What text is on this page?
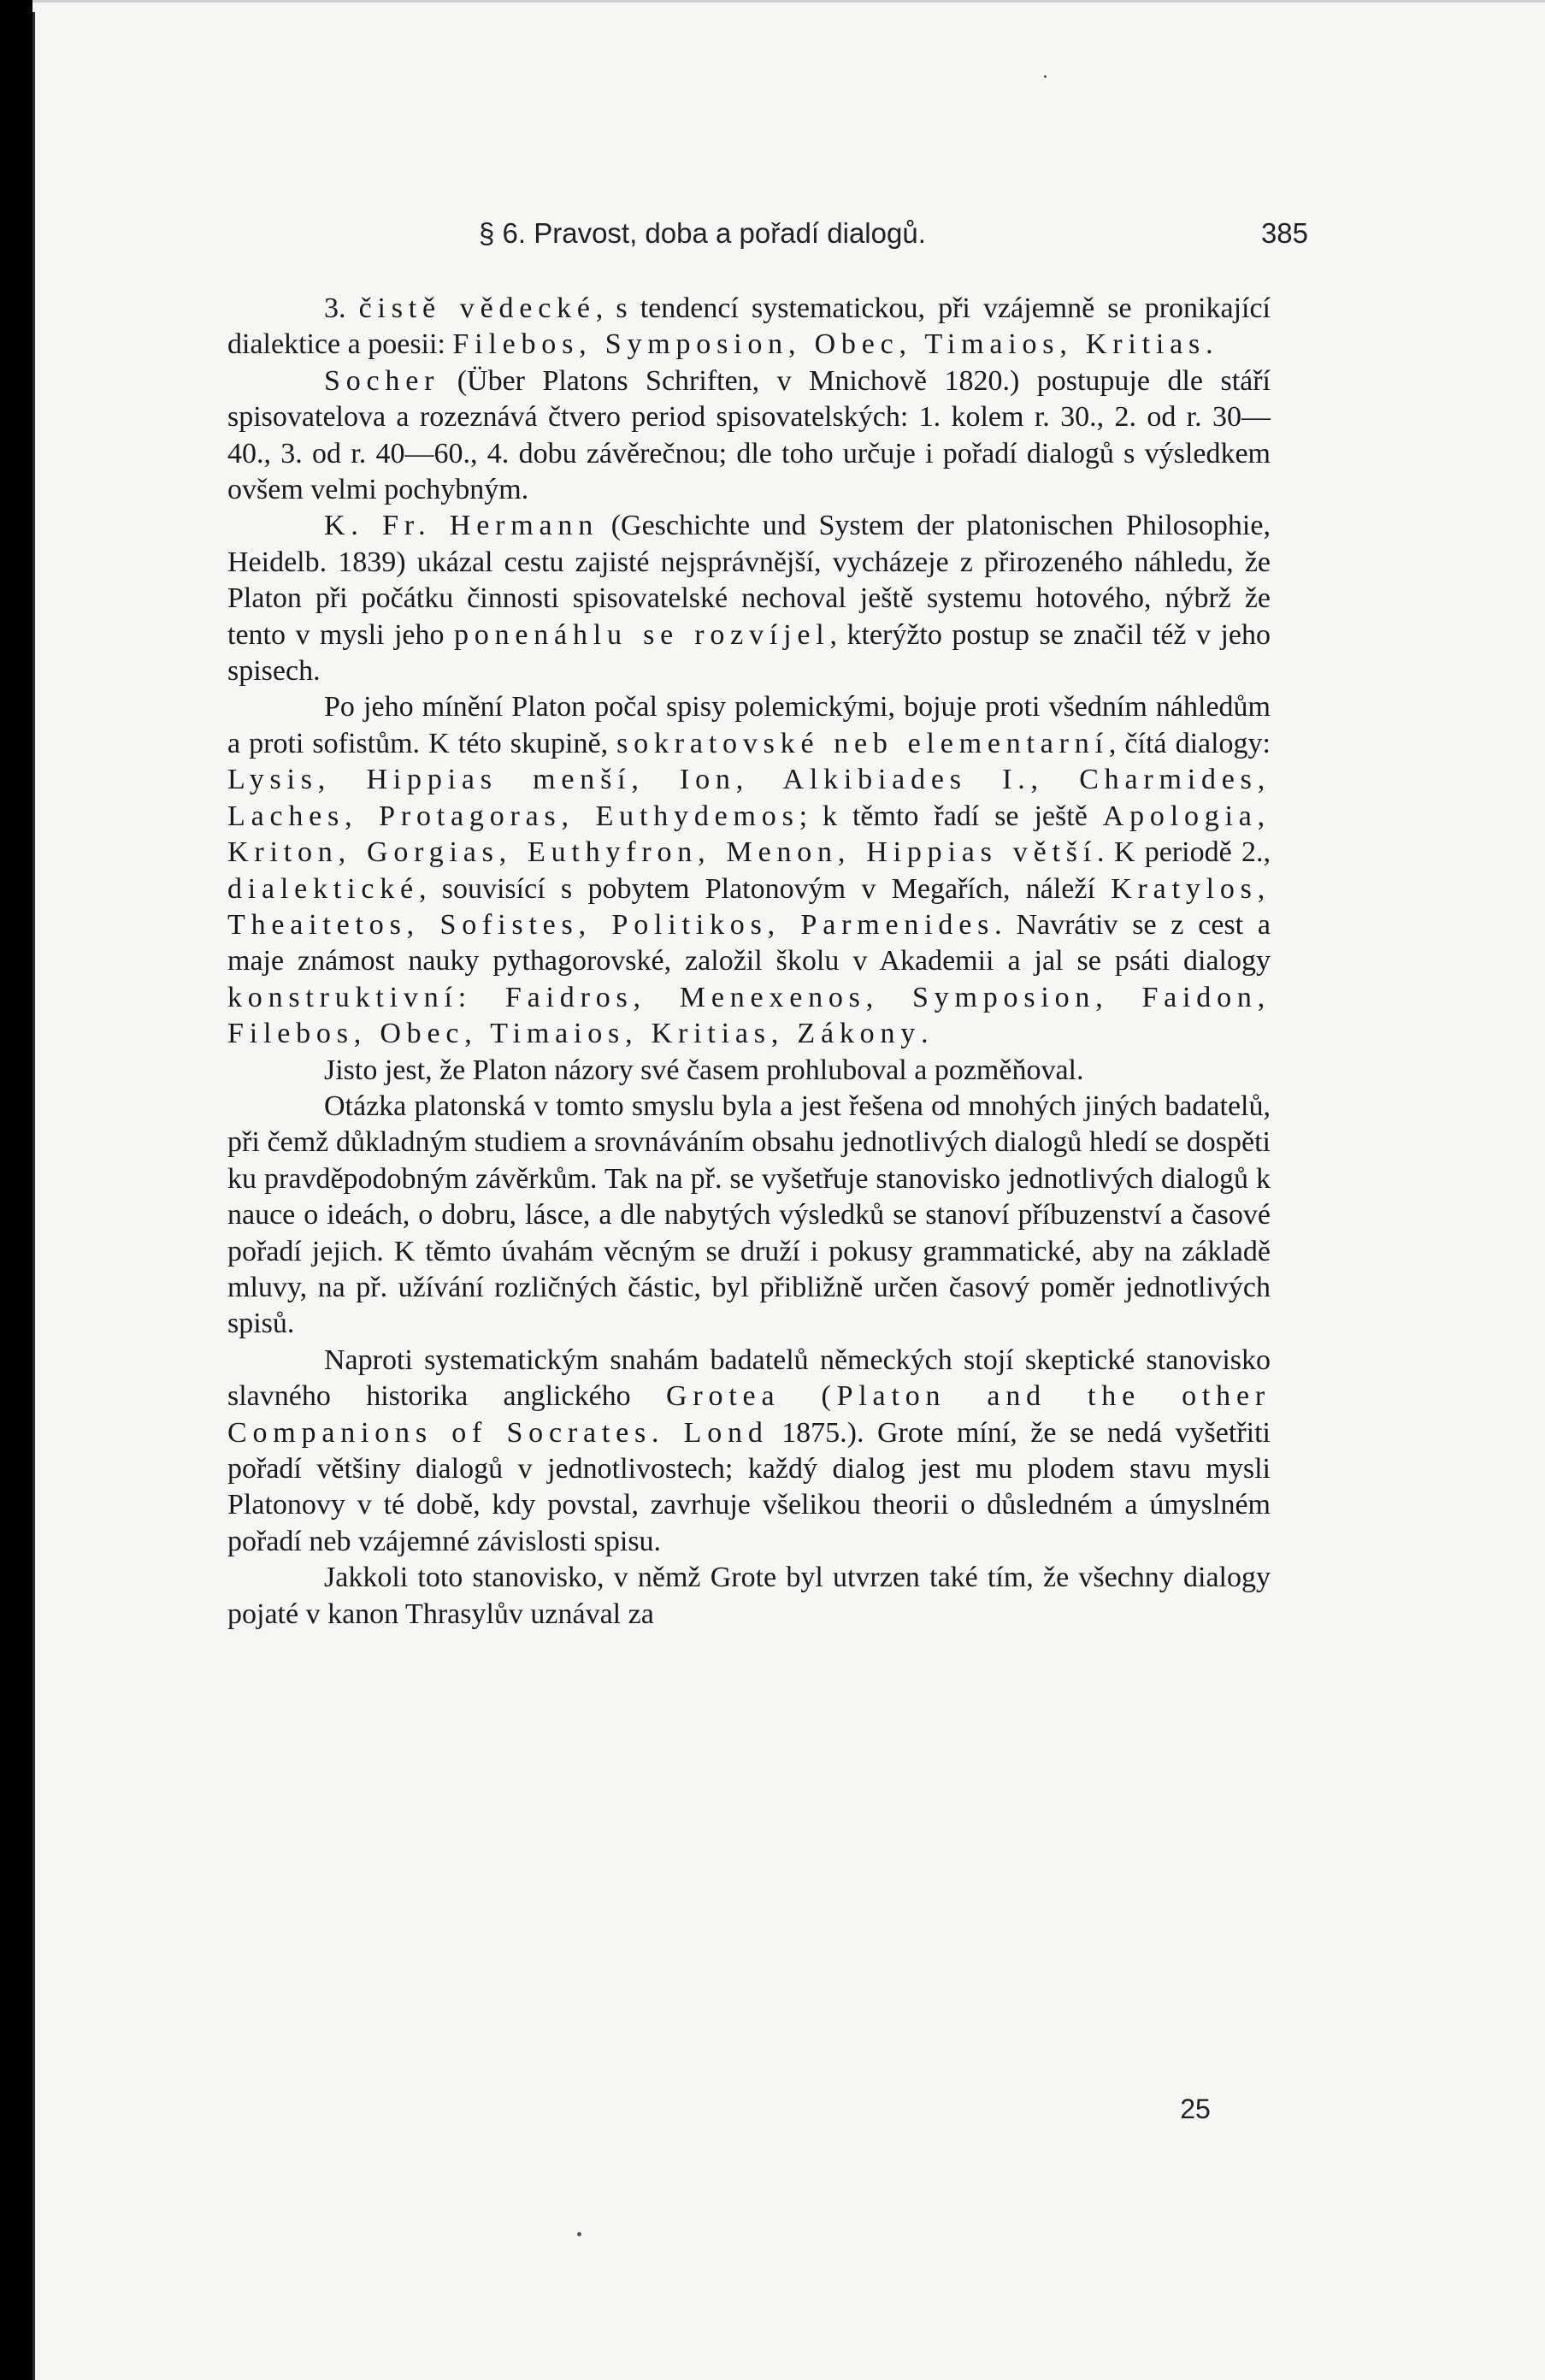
§ 6. Pravost, doba a pořadí dialogů.	385

3. čistě vědecké, s tendencí systematickou, při vzájemně se pronikající dialektice a poesii: Filebos, Symposion, Obec, Timaios, Kritias.

Socher (Über Platons Schriften, v Mnichově 1820.) postupuje dle stáří spisovatelova a rozeznává čtvero period spisovatelských: 1. kolem r. 30., 2. od r. 30—40., 3. od r. 40—60., 4. dobu závěrečnou; dle toho určuje i pořadí dialogů s výsledkem ovšem velmi pochybným.

K. Fr. Hermann (Geschichte und System der platonischen Philosophie, Heidelb. 1839) ukázal cestu zajisté nejsprávnější, vycházeje z přirozeného náhledu, že Platon při počátku činnosti spisovatelské nechoval ještě systemu hotového, nýbrž že tento v mysli jeho ponenáhlu se rozvíjel, kterýžto postup se značil též v jeho spisech.

Po jeho mínění Platon počal spisy polemickými, bojuje proti všedním náhledům a proti sofistům. K této skupině, sokratovské neb elementarní, čítá dialogy: Lysis, Hippias menší, Ion, Alkibiades I., Charmides, Laches, Protagoras, Euthydemos; k těmto řadí se ještě Apologia, Kriton, Gorgias, Euthyfron, Menon, Hippias větší. K periodě 2., dialektické, souvisící s pobytem Platonovým v Megařích, náleží Kratylos, Theaitetos, Sofistes, Politikos, Parmenides. Navrátiv se z cest a maje známost nauky pythagorovské, založil školu v Akademii a jal se psáti dialogy konstruktivní: Faidros, Menexenos, Symposion, Faidon, Filebos, Obec, Timaios, Kritias, Zákony.

Jisto jest, že Platon názory své časem prohluboval a pozměňoval.

Otázka platonská v tomto smyslu byla a jest řešena od mnohých jiných badatelů, při čemž důkladným studiem a srovnáváním obsahu jednotlivých dialogů hledí se dospěti ku pravděpodobným závěrkům. Tak na př. se vyšetřuje stanovisko jednotlivých dialogů k nauce o ideách, o dobru, lásce, a dle nabytých výsledků se stanoví příbuzenství a časové pořadí jejich. K těmto úvahám věcným se druží i pokusy grammatické, aby na základě mluvy, na př. užívání rozličných částic, byl přibližně určen časový poměr jednotlivých spisů.

Naproti systematickým snahám badatelů německých stojí skeptické stanovisko slavného historika anglického Grotea (Platon and the other Companions of Socrates. Lond 1875.). Grote míní, že se nedá vyšetřiti pořadí většiny dialogů v jednotlivostech; každý dialog jest mu plodem stavu mysli Platonovy v té době, kdy povstal, zavrhuje všelikou theorii o důsledném a úmyslném pořadí neb vzájemné závislosti spisu.

Jakkoli toto stanovisko, v němž Grote byl utvrzen také tím, že všechny dialogy pojaté v kanon Thrasylův uznával za

25
